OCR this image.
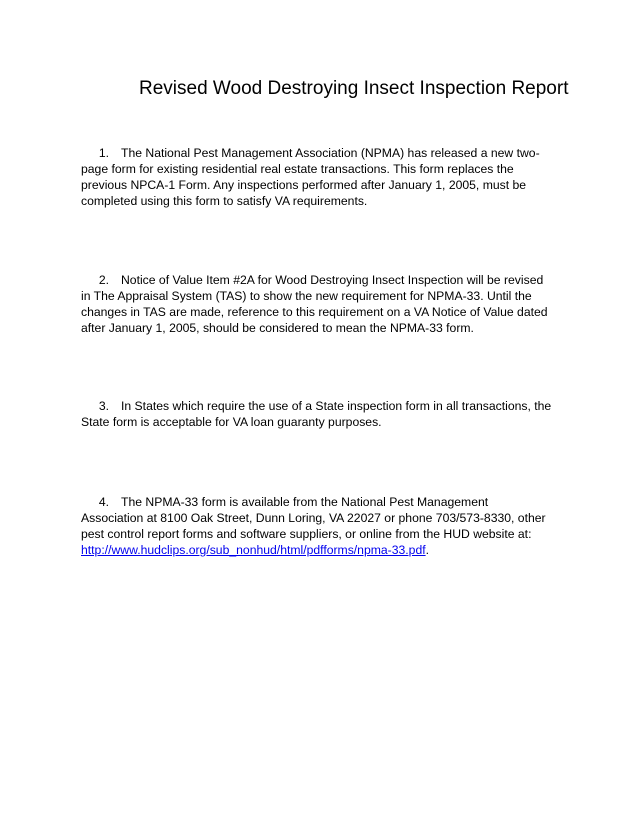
Revised Wood Destroying Insect Inspection Report
1. The National Pest Management Association (NPMA) has released a new two-page form for existing residential real estate transactions. This form replaces the previous NPCA-1 Form. Any inspections performed after January 1, 2005, must be completed using this form to satisfy VA requirements.
2. Notice of Value Item #2A for Wood Destroying Insect Inspection will be revised in The Appraisal System (TAS) to show the new requirement for NPMA-33. Until the changes in TAS are made, reference to this requirement on a VA Notice of Value dated after January 1, 2005, should be considered to mean the NPMA-33 form.
3. In States which require the use of a State inspection form in all transactions, the State form is acceptable for VA loan guaranty purposes.
4. The NPMA-33 form is available from the National Pest Management Association at 8100 Oak Street, Dunn Loring, VA 22027 or phone 703/573-8330, other pest control report forms and software suppliers, or online from the HUD website at: http://www.hudclips.org/sub_nonhud/html/pdfforms/npma-33.pdf.
